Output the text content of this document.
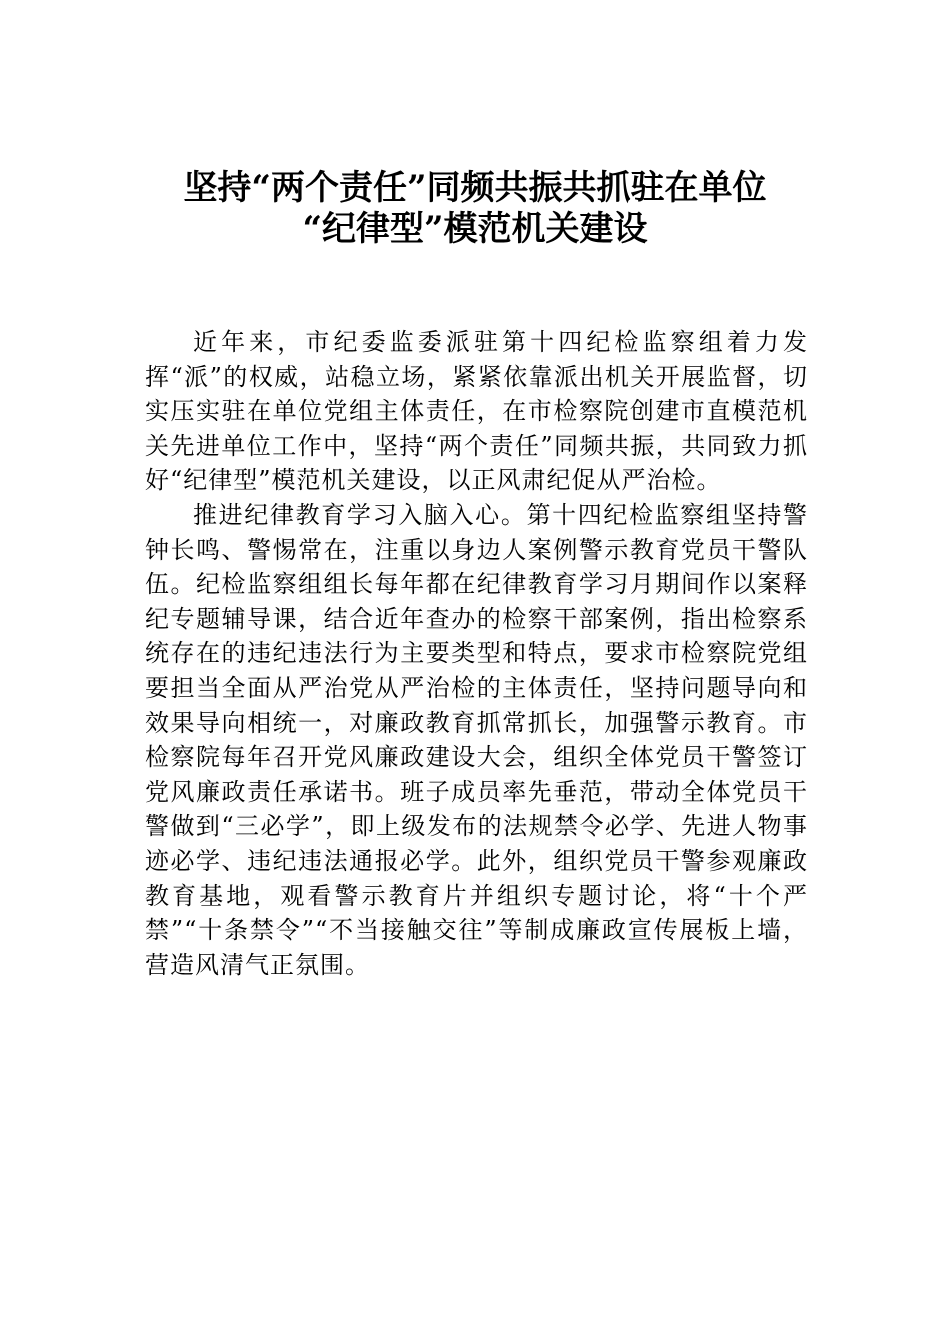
坚持“两个责任”同频共振共抓驻在单位
“纪律型”模范机关建设

近年来，市纪委监委派驻第十四纪检监察组着力发挥“派”的权威，站稳立场，紧紧依靠派出机关开展监督，切实压实驻在单位党组主体责任，在市检察院创建市直模范机关先进单位工作中，坚持“两个责任”同频共振，共同致力抓好“纪律型”模范机关建设，以正风肃纪促从严治检。

推进纪律教育学习入脑入心。第十四纪检监察组坚持警钟长鸣、警惕常在，注重以身边人案例警示教育党员干警队伍。纪检监察组组长每年都在纪律教育学习月期间作以案释纪专题辅导课，结合近年查办的检察干部案例，指出检察系统存在的违纪违法行为主要类型和特点，要求市检察院党组要担当全面从严治党从严治检的主体责任，坚持问题导向和效果导向相统一，对廉政教育抓常抓长，加强警示教育。市检察院每年召开党风廉政建设大会，组织全体党员干警签订党风廉政责任承诺书。班子成员率先垂范，带动全体党员干警做到“三必学”，即上级发布的法规禁令必学、先进人物事迹必学、违纪违法通报必学。此外，组织党员干警参观廉政教育基地，观看警示教育片并组织专题讨论，将“十个严禁”“十条禁令”“不当接触交往”等制成廉政宣传展板上墙，营造风清气正氛围。
